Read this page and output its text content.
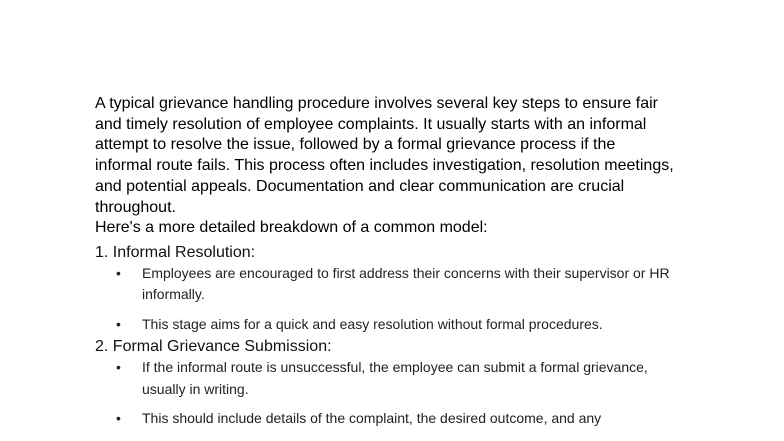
A typical grievance handling procedure involves several key steps to ensure fair and timely resolution of employee complaints. It usually starts with an informal attempt to resolve the issue, followed by a formal grievance process if the informal route fails. This process often includes investigation, resolution meetings, and potential appeals. Documentation and clear communication are crucial throughout.

Here's a more detailed breakdown of a common model:

1. Informal Resolution:

• Employees are encouraged to first address their concerns with their supervisor or HR informally.
• This stage aims for a quick and easy resolution without formal procedures.

2. Formal Grievance Submission:

• If the informal route is unsuccessful, the employee can submit a formal grievance, usually in writing.
• This should include details of the complaint, the desired outcome, and any
